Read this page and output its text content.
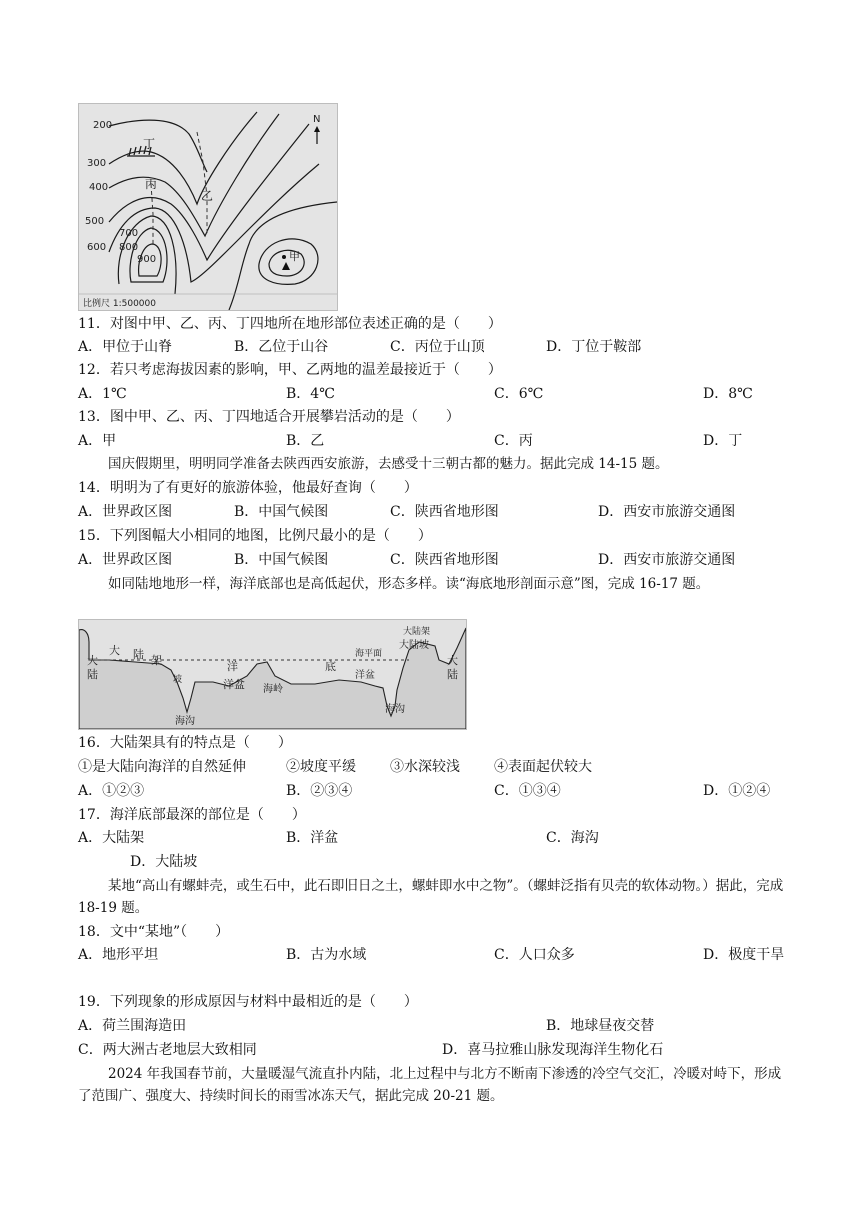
200
300
400
500
600
700
800
900
丁
丙
乙
甲
N
比例尺 1:500000
11．对图中甲、乙、丙、丁四地所在地形部位表述正确的是（　　）
A．甲位于山脊	B．乙位于山谷	C．丙位于山顶	D．丁位于鞍部
12．若只考虑海拔因素的影响，甲、乙两地的温差最接近于（　　）
A．1℃	B．4℃	C．6℃	D．8℃
13．图中甲、乙、丙、丁四地适合开展攀岩活动的是（　　）
A．甲	B．乙	C．丙	D．丁
国庆假期里，明明同学准备去陕西西安旅游，去感受十三朝古都的魅力。据此完成 14-15 题。
14．明明为了有更好的旅游体验，他最好查询（　　）
A．世界政区图	B．中国气候图	C．陕西省地形图	D．西安市旅游交通图
15．下列图幅大小相同的地图，比例尺最小的是（　　）
A．世界政区图	B．中国气候图	C．陕西省地形图	D．西安市旅游交通图
如同陆地地形一样，海洋底部也是高低起伏，形态多样。读“海底地形剖面示意”图，完成 16-17 题。
大
陆
大 陆 架
坡
洋
洋盆 海岭
底
海平面
洋盆
大陆坡
大陆架
大
陆
海沟
海沟
16．大陆架具有的特点是（　　）
①是大陆向海洋的自然延伸	②坡度平缓 ③水深较浅 ④表面起伏较大
A．①②③	B．②③④	C．①③④	D．①②④
17．海洋底部最深的部位是（　　）
A．大陆架	B．洋盆	C．海沟
D．大陆坡
某地“高山有螺蚌壳，或生石中，此石即旧日之土，螺蚌即水中之物”。（螺蚌泛指有贝壳的软体动物。）据此，完成 18-19 题。
18．文中“某地”（　　）
A．地形平坦	B．古为水域	C．人口众多	D．极度干旱
19．下列现象的形成原因与材料中最相近的是（　　）
A．荷兰围海造田	B．地球昼夜交替
C．两大洲古老地层大致相同	D．喜马拉雅山脉发现海洋生物化石
2024 年我国春节前，大量暖湿气流直扑内陆，北上过程中与北方不断南下渗透的冷空气交汇，冷暖对峙下，形成了范围广、强度大、持续时间长的雨雪冰冻天气，据此完成 20-21 题。
